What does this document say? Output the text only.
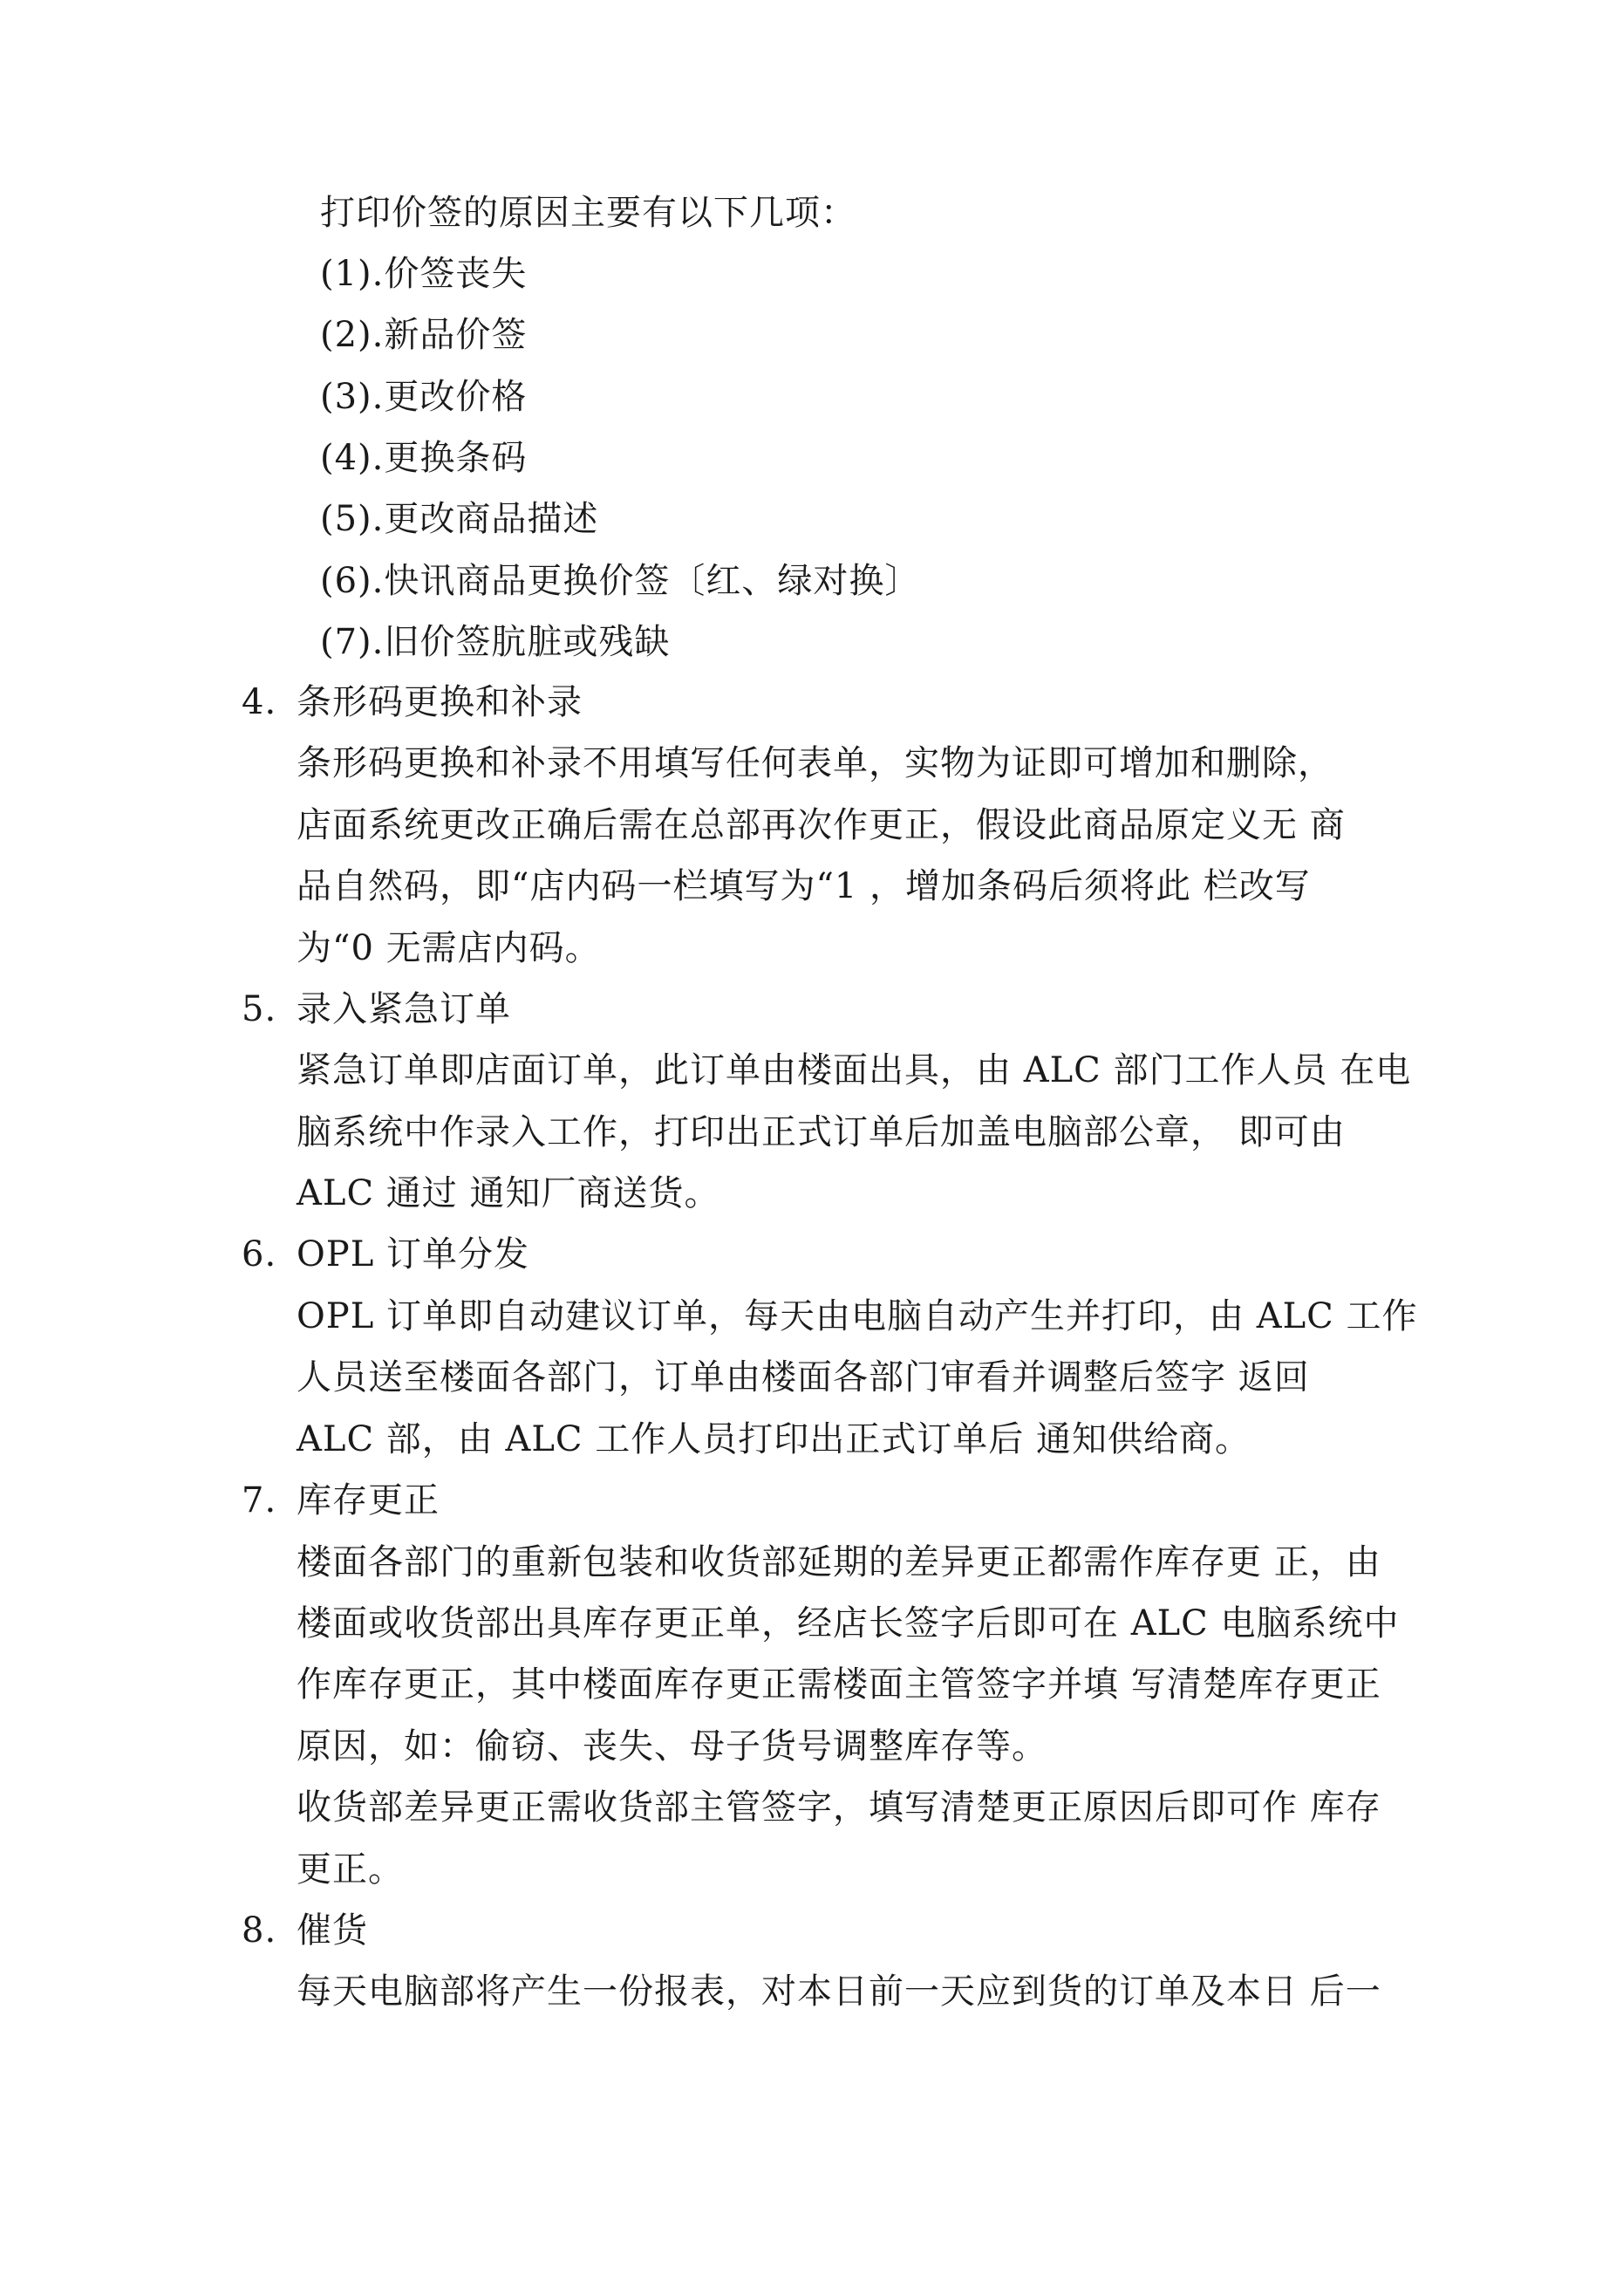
打印价签的原因主要有以下几项：
(1).价签丧失
(2).新品价签
(3).更改价格
(4).更换条码
(5).更改商品描述
(6).快讯商品更换价签〔红、绿对换〕
(7).旧价签肮脏或残缺
4. 条形码更换和补录
条形码更换和补录不用填写任何表单，实物为证即可增加和删除，
店面系统更改正确后需在总部再次作更正，假设此商品原定义无 商
品自然码，即“店内码一栏填写为“1 ，增加条码后须将此 栏改写
为“0 无需店内码。
5. 录入紧急订单
紧急订单即店面订单，此订单由楼面出具，由 ALC 部门工作人员 在电
脑系统中作录入工作，打印出正式订单后加盖电脑部公章， 即可由
ALC 通过 通知厂商送货。
6. OPL 订单分发
OPL 订单即自动建议订单，每天由电脑自动产生并打印，由 ALC 工作
人员送至楼面各部门，订单由楼面各部门审看并调整后签字 返回
ALC 部，由 ALC 工作人员打印出正式订单后 通知供给商。
7. 库存更正
楼面各部门的重新包装和收货部延期的差异更正都需作库存更 正，由
楼面或收货部出具库存更正单，经店长签字后即可在 ALC 电脑系统中
作库存更正，其中楼面库存更正需楼面主管签字并填 写清楚库存更正
原因，如：偷窃、丧失、母子货号调整库存等。
收货部差异更正需收货部主管签字，填写清楚更正原因后即可作 库存
更正。
8. 催货
每天电脑部将产生一份报表，对本日前一天应到货的订单及本日 后一
